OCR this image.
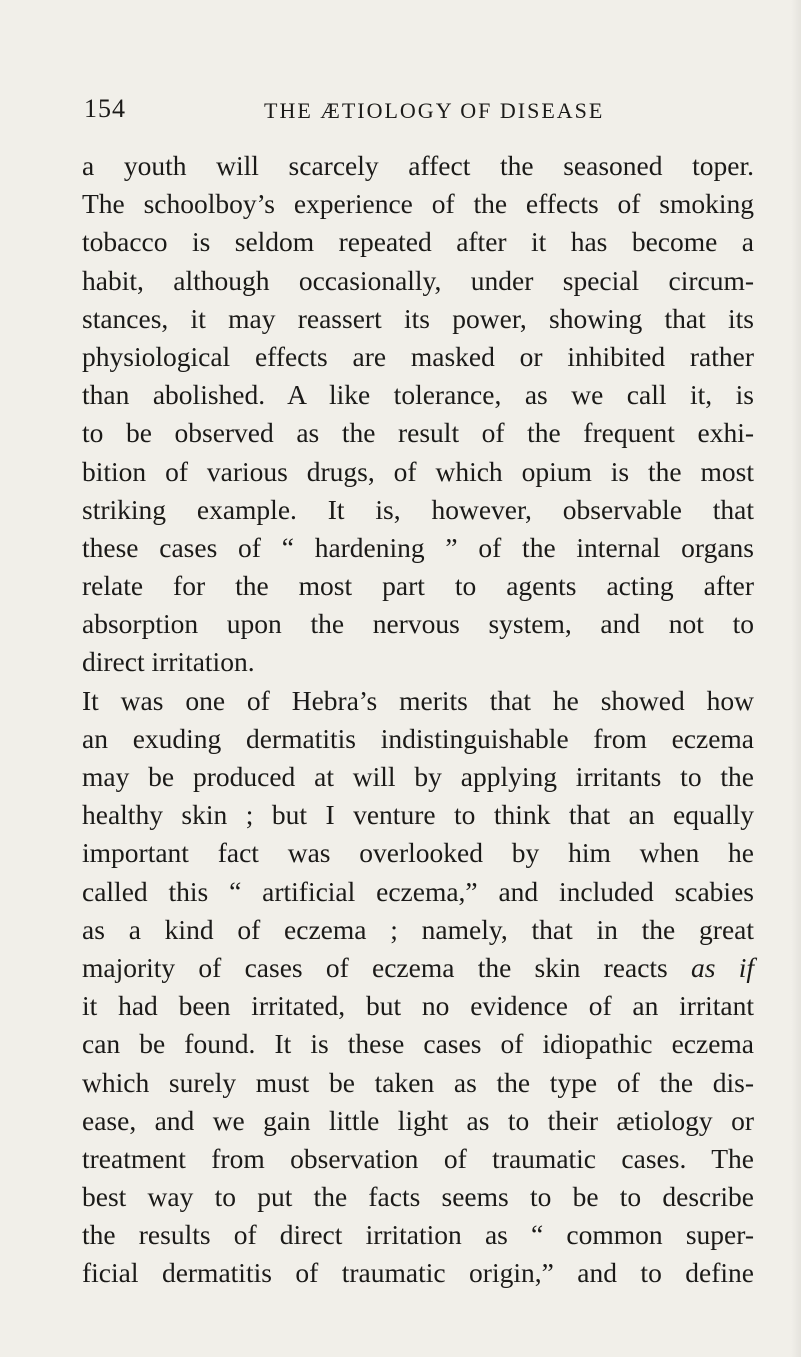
154	THE ÆTIOLOGY OF DISEASE
a youth will scarcely affect the seasoned toper.
The schoolboy’s experience of the effects of smoking
tobacco is seldom repeated after it has become a
habit, although occasionally, under special circum-
stances, it may reassert its power, showing that its
physiological effects are masked or inhibited rather
than abolished. A like tolerance, as we call it, is
to be observed as the result of the frequent exhi-
bition of various drugs, of which opium is the most
striking example. It is, however, observable that
these cases of “ hardening ” of the internal organs
relate for the most part to agents acting after
absorption upon the nervous system, and not to
direct irritation.
It was one of Hebra’s merits that he showed how
an exuding dermatitis indistinguishable from eczema
may be produced at will by applying irritants to the
healthy skin ; but I venture to think that an equally
important fact was overlooked by him when he
called this “ artificial eczema,” and included scabies
as a kind of eczema ; namely, that in the great
majority of cases of eczema the skin reacts as if
it had been irritated, but no evidence of an irritant
can be found. It is these cases of idiopathic eczema
which surely must be taken as the type of the dis-
ease, and we gain little light as to their ætiology or
treatment from observation of traumatic cases. The
best way to put the facts seems to be to describe
the results of direct irritation as “ common super-
ficial dermatitis of traumatic origin,” and to define
